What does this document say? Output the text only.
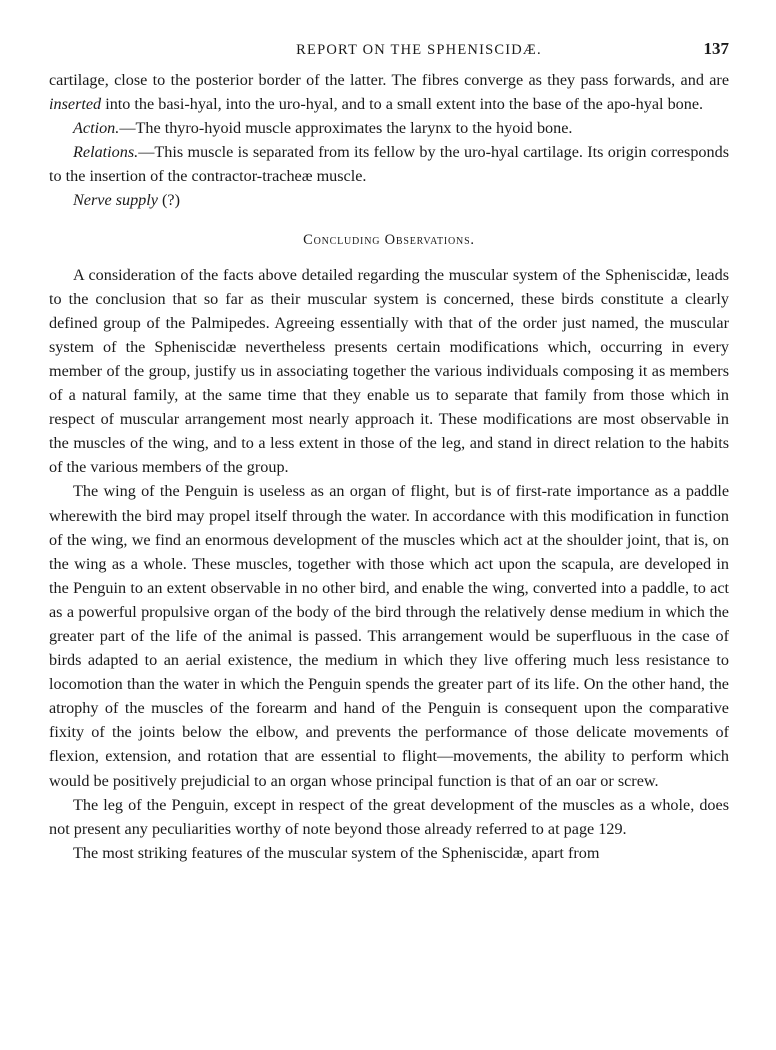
REPORT ON THE SPHENISCIDÆ.	137

cartilage, close to the posterior border of the latter. The fibres converge as they pass forwards, and are inserted into the basi-hyal, into the uro-hyal, and to a small extent into the base of the apo-hyal bone.

Action.—The thyro-hyoid muscle approximates the larynx to the hyoid bone.

Relations.—This muscle is separated from its fellow by the uro-hyal cartilage. Its origin corresponds to the insertion of the contractor-tracheæ muscle.

Nerve supply (?)

Concluding Observations.

A consideration of the facts above detailed regarding the muscular system of the Spheniscidæ, leads to the conclusion that so far as their muscular system is concerned, these birds constitute a clearly defined group of the Palmipedes. Agreeing essentially with that of the order just named, the muscular system of the Spheniscidæ nevertheless presents certain modifications which, occurring in every member of the group, justify us in associating together the various individuals composing it as members of a natural family, at the same time that they enable us to separate that family from those which in respect of muscular arrangement most nearly approach it. These modifications are most observable in the muscles of the wing, and to a less extent in those of the leg, and stand in direct relation to the habits of the various members of the group.

The wing of the Penguin is useless as an organ of flight, but is of first-rate importance as a paddle wherewith the bird may propel itself through the water. In accordance with this modification in function of the wing, we find an enormous development of the muscles which act at the shoulder joint, that is, on the wing as a whole. These muscles, together with those which act upon the scapula, are developed in the Penguin to an extent observable in no other bird, and enable the wing, converted into a paddle, to act as a powerful propulsive organ of the body of the bird through the relatively dense medium in which the greater part of the life of the animal is passed. This arrangement would be superfluous in the case of birds adapted to an aerial existence, the medium in which they live offering much less resistance to locomotion than the water in which the Penguin spends the greater part of its life. On the other hand, the atrophy of the muscles of the forearm and hand of the Penguin is consequent upon the comparative fixity of the joints below the elbow, and prevents the performance of those delicate movements of flexion, extension, and rotation that are essential to flight—movements, the ability to perform which would be positively prejudicial to an organ whose principal function is that of an oar or screw.

The leg of the Penguin, except in respect of the great development of the muscles as a whole, does not present any peculiarities worthy of note beyond those already referred to at page 129.

The most striking features of the muscular system of the Spheniscidæ, apart from
